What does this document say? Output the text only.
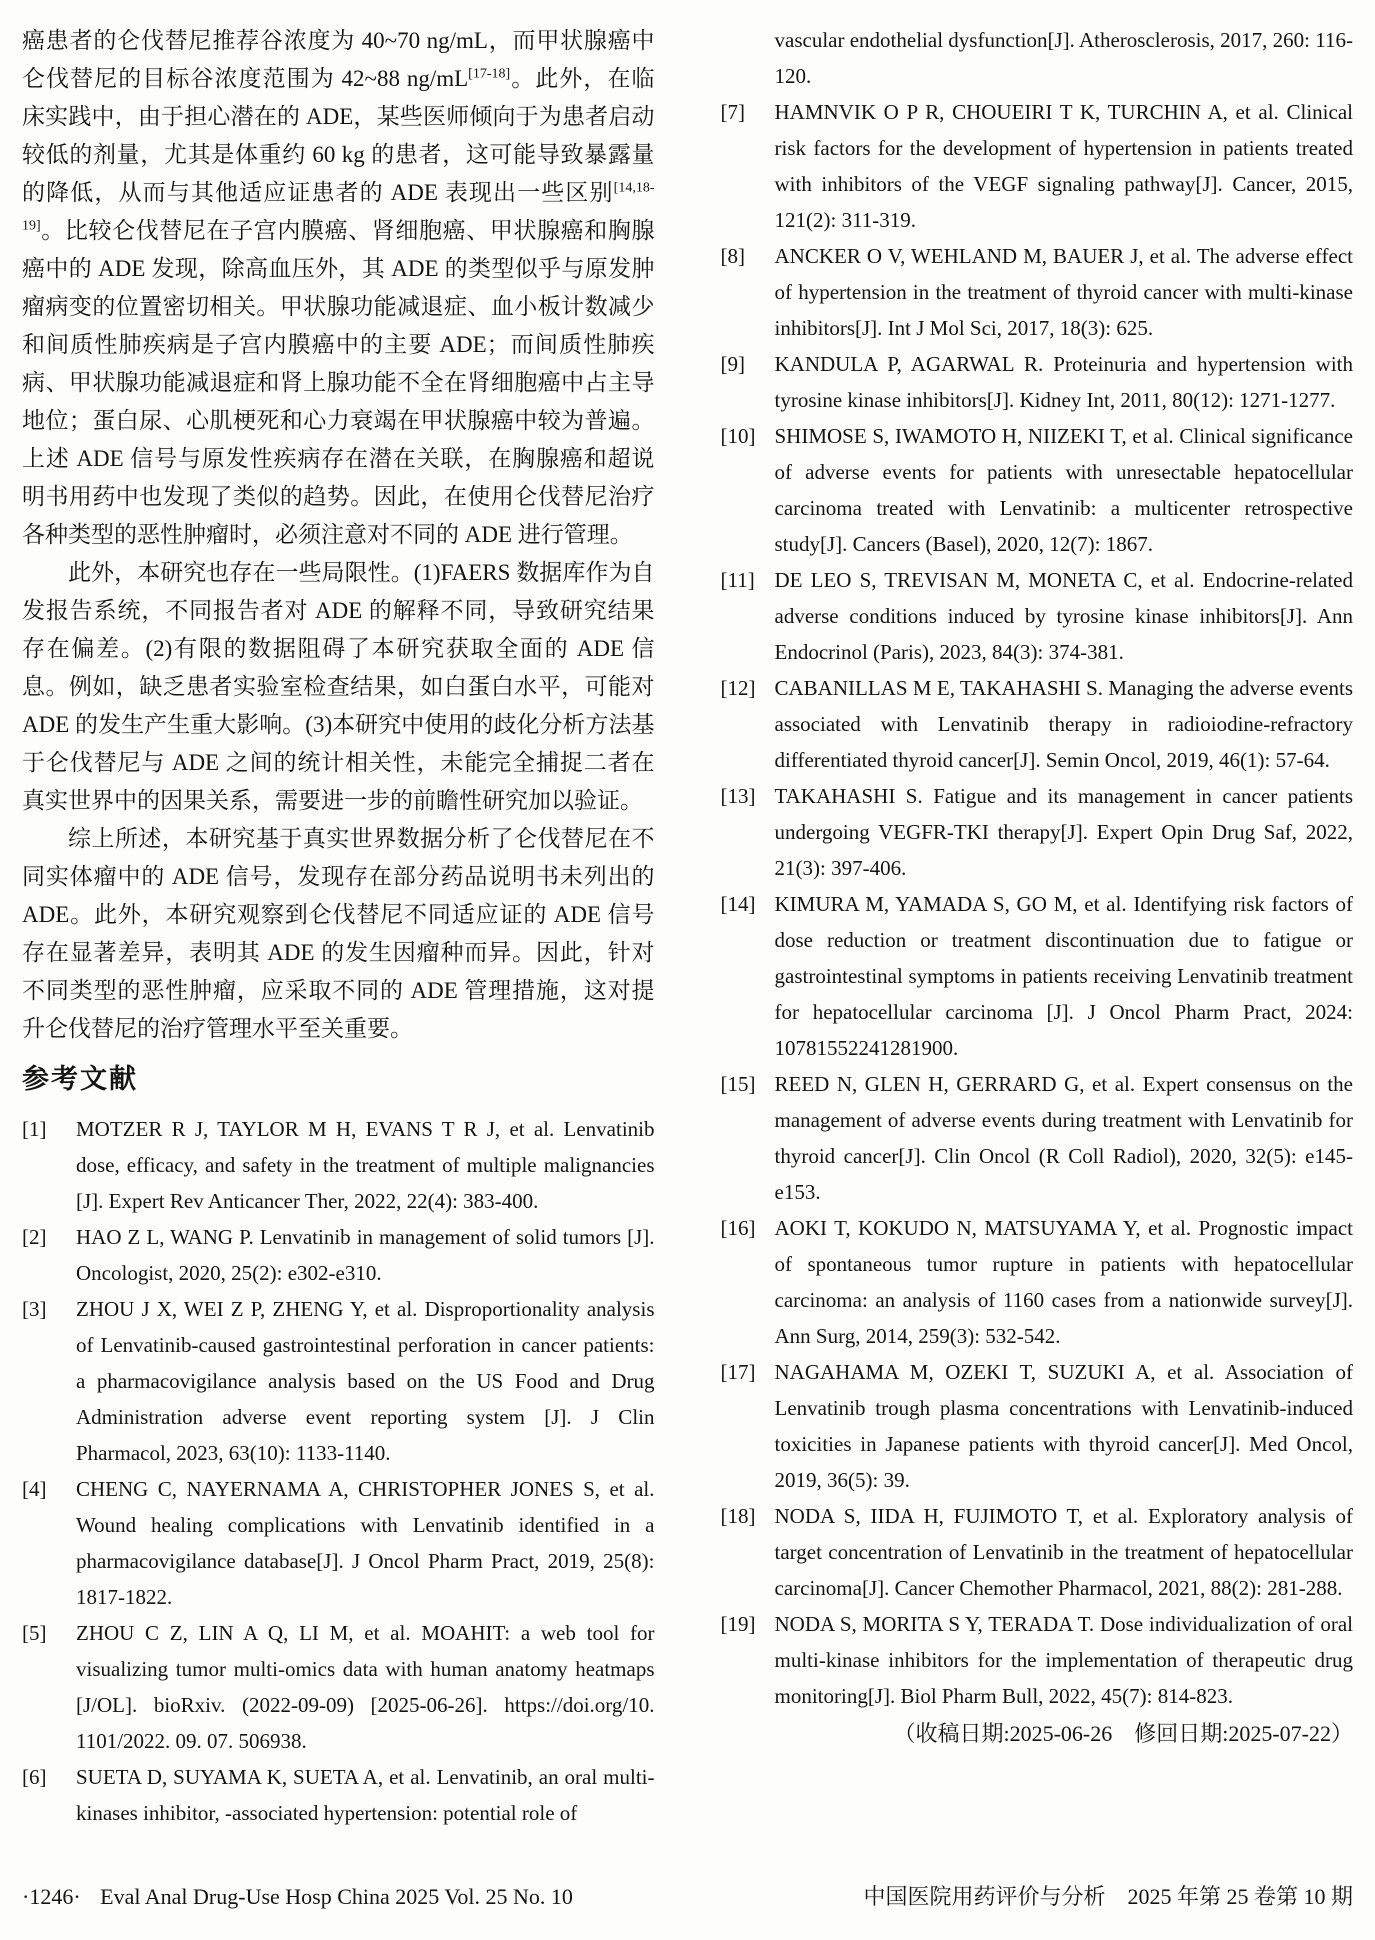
癌患者的仑伐替尼推荐谷浓度为 40~70 ng/mL，而甲状腺癌中仑伐替尼的目标谷浓度范围为 42~88 ng/mL[17-18]。此外，在临床实践中，由于担心潜在的 ADE，某些医师倾向于为患者启动较低的剂量，尤其是体重约 60 kg 的患者，这可能导致暴露量的降低，从而与其他适应证患者的 ADE 表现出一些区别[14,18-19]。比较仑伐替尼在子宫内膜癌、肾细胞癌、甲状腺癌和胸腺癌中的 ADE 发现，除高血压外，其 ADE 的类型似乎与原发肿瘤病变的位置密切相关。甲状腺功能减退症、血小板计数减少和间质性肺疾病是子宫内膜癌中的主要 ADE；而间质性肺疾病、甲状腺功能减退症和肾上腺功能不全在肾细胞癌中占主导地位；蛋白尿、心肌梗死和心力衰竭在甲状腺癌中较为普遍。上述 ADE 信号与原发性疾病存在潜在关联，在胸腺癌和超说明书用药中也发现了类似的趋势。因此，在使用仑伐替尼治疗各种类型的恶性肿瘤时，必须注意对不同的 ADE 进行管理。

此外，本研究也存在一些局限性。(1)FAERS 数据库作为自发报告系统，不同报告者对 ADE 的解释不同，导致研究结果存在偏差。(2)有限的数据阻碍了本研究获取全面的 ADE 信息。例如，缺乏患者实验室检查结果，如白蛋白水平，可能对 ADE 的发生产生重大影响。(3)本研究中使用的歧化分析方法基于仑伐替尼与 ADE 之间的统计相关性，未能完全捕捉二者在真实世界中的因果关系，需要进一步的前瞻性研究加以验证。

综上所述，本研究基于真实世界数据分析了仑伐替尼在不同实体瘤中的 ADE 信号，发现存在部分药品说明书未列出的 ADE。此外，本研究观察到仑伐替尼不同适应证的 ADE 信号存在显著差异，表明其 ADE 的发生因瘤种而异。因此，针对不同类型的恶性肿瘤，应采取不同的 ADE 管理措施，这对提升仑伐替尼的治疗管理水平至关重要。

参考文献
[1] MOTZER R J, TAYLOR M H, EVANS T R J, et al. Lenvatinib dose, efficacy, and safety in the treatment of multiple malignancies [J]. Expert Rev Anticancer Ther, 2022, 22(4): 383-400.
[2] HAO Z L, WANG P. Lenvatinib in management of solid tumors [J]. Oncologist, 2020, 25(2): e302-e310.
[3] ZHOU J X, WEI Z P, ZHENG Y, et al. Disproportionality analysis of Lenvatinib-caused gastrointestinal perforation in cancer patients: a pharmacovigilance analysis based on the US Food and Drug Administration adverse event reporting system [J]. J Clin Pharmacol, 2023, 63(10): 1133-1140.
[4] CHENG C, NAYERNAMA A, CHRISTOPHER JONES S, et al. Wound healing complications with Lenvatinib identified in a pharmacovigilance database[J]. J Oncol Pharm Pract, 2019, 25(8): 1817-1822.
[5] ZHOU C Z, LIN A Q, LI M, et al. MOAHIT: a web tool for visualizing tumor multi-omics data with human anatomy heatmaps [J/OL]. bioRxiv. (2022-09-09) [2025-06-26]. https://doi.org/10. 1101/2022. 09. 07. 506938.
[6] SUETA D, SUYAMA K, SUETA A, et al. Lenvatinib, an oral multi-kinases inhibitor, -associated hypertension: potential role of
vascular endothelial dysfunction[J]. Atherosclerosis, 2017, 260: 116-120.
[7] HAMNVIK O P R, CHOUEIRI T K, TURCHIN A, et al. Clinical risk factors for the development of hypertension in patients treated with inhibitors of the VEGF signaling pathway[J]. Cancer, 2015, 121(2): 311-319.
[8] ANCKER O V, WEHLAND M, BAUER J, et al. The adverse effect of hypertension in the treatment of thyroid cancer with multi-kinase inhibitors[J]. Int J Mol Sci, 2017, 18(3): 625.
[9] KANDULA P, AGARWAL R. Proteinuria and hypertension with tyrosine kinase inhibitors[J]. Kidney Int, 2011, 80(12): 1271-1277.
[10] SHIMOSE S, IWAMOTO H, NIIZEKI T, et al. Clinical significance of adverse events for patients with unresectable hepatocellular carcinoma treated with Lenvatinib: a multicenter retrospective study[J]. Cancers (Basel), 2020, 12(7): 1867.
[11] DE LEO S, TREVISAN M, MONETA C, et al. Endocrine-related adverse conditions induced by tyrosine kinase inhibitors[J]. Ann Endocrinol (Paris), 2023, 84(3): 374-381.
[12] CABANILLAS M E, TAKAHASHI S. Managing the adverse events associated with Lenvatinib therapy in radioiodine-refractory differentiated thyroid cancer[J]. Semin Oncol, 2019, 46(1): 57-64.
[13] TAKAHASHI S. Fatigue and its management in cancer patients undergoing VEGFR-TKI therapy[J]. Expert Opin Drug Saf, 2022, 21(3): 397-406.
[14] KIMURA M, YAMADA S, GO M, et al. Identifying risk factors of dose reduction or treatment discontinuation due to fatigue or gastrointestinal symptoms in patients receiving Lenvatinib treatment for hepatocellular carcinoma [J]. J Oncol Pharm Pract, 2024: 10781552241281900.
[15] REED N, GLEN H, GERRARD G, et al. Expert consensus on the management of adverse events during treatment with Lenvatinib for thyroid cancer[J]. Clin Oncol (R Coll Radiol), 2020, 32(5): e145-e153.
[16] AOKI T, KOKUDO N, MATSUYAMA Y, et al. Prognostic impact of spontaneous tumor rupture in patients with hepatocellular carcinoma: an analysis of 1160 cases from a nationwide survey[J]. Ann Surg, 2014, 259(3): 532-542.
[17] NAGAHAMA M, OZEKI T, SUZUKI A, et al. Association of Lenvatinib trough plasma concentrations with Lenvatinib-induced toxicities in Japanese patients with thyroid cancer[J]. Med Oncol, 2019, 36(5): 39.
[18] NODA S, IIDA H, FUJIMOTO T, et al. Exploratory analysis of target concentration of Lenvatinib in the treatment of hepatocellular carcinoma[J]. Cancer Chemother Pharmacol, 2021, 88(2): 281-288.
[19] NODA S, MORITA S Y, TERADA T. Dose individualization of oral multi-kinase inhibitors for the implementation of therapeutic drug monitoring[J]. Biol Pharm Bull, 2022, 45(7): 814-823.
（收稿日期:2025-06-26　修回日期:2025-07-22）
·1246· Eval Anal Drug-Use Hosp China 2025 Vol. 25 No. 10	中国医院用药评价与分析　2025 年第 25 卷第 10 期
